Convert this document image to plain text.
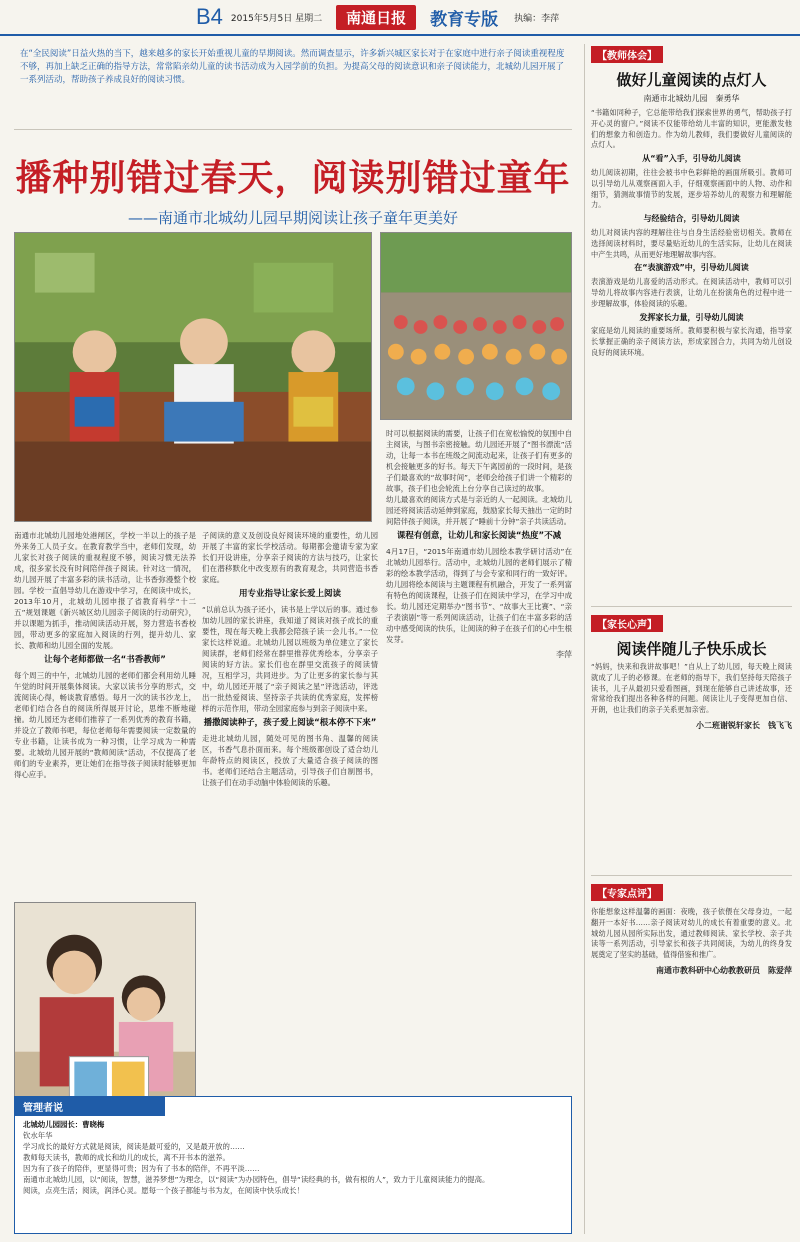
B4 2015年5月5日 星期二	南通日报	教育专版 执编：李萍
在“全民阅读”日益火热的当下，越来越多的家长开始重视儿童的早期阅读。然而调查显示，许多新兴城区家长对于在家庭中进行亲子阅读重视程度不够，再加上缺乏正确的指导方法，常常陷亲幼儿童的读书活动成为入园学前的负担。为提高父母的阅读意识和亲子阅读能力，北城幼儿园开展了一系列活动，帮助孩子养成良好的阅读习惯。
播种别错过春天，阅读别错过童年
——南通市北城幼儿园早期阅读让孩子童年更美好

南通市北城幼儿园地处港闸区，学校一半以上的孩子是外来务工人员子女。在教育教学当中，老师们发现，幼儿家长对孩子阅读的重视程度不够，阅读习惯无法养成，很多家长没有时间陪伴孩子阅读。针对这一情况，幼儿园开展了丰富多彩的读书活动，让书香弥漫整个校园。学校一直倡导幼儿在游戏中学习，在阅读中成长，2013年10月，北城幼儿园申报了省教育科学“十二五”规划课题《新兴城区幼儿园亲子阅读的行动研究》，并以课题为抓手，推动阅读活动开展，努力营造书香校园，带动更多的家庭加入阅读的行列，提升幼儿、家长、教师和幼儿园全面的发展。

让每个老师都做一名“书香教师”

每个周三的中午，北城幼儿园的老师们都会利用幼儿睡午觉的时间开展集体阅读。大家以读书分享的形式，交流阅读心得，畅谈教育感悟。每月一次的读书沙龙上，老师们结合各自的阅读所得展开讨论，思维不断地碰撞。幼儿园还为老师们推荐了一系列优秀的教育书籍，并设立了教师书吧，每位老师每年需要阅读一定数量的专业书籍，让读书成为一种习惯，让学习成为一种需要。北城幼儿园开展的“教师阅读”活动，不仅提高了老师们的专业素养，更让她们在指导孩子阅读时能够更加得心应手。

子阅读的意义及创设良好阅读环境的重要性，幼儿园开展了丰富的家长学校活动。每期都会邀请专家为家长们开设讲座，分享亲子阅读的方法与技巧，让家长们在潜移默化中改变原有的教育观念，共同营造书香家庭。

用专业指导让家长爱上阅读

“以前总认为孩子还小，读书是上学以后的事。通过参加幼儿园的家长讲座，我知道了阅读对孩子成长的重要性，现在每天晚上我都会陪孩子读一会儿书。”一位家长这样说道。北城幼儿园以班级为单位建立了家长阅读群，老师们经常在群里推荐优秀绘本，分享亲子阅读的好方法。家长们也在群里交流孩子的阅读情况，互相学习，共同进步。为了让更多的家长参与其中，幼儿园还开展了“亲子阅读之星”评选活动，评选出一批热爱阅读、坚持亲子共读的优秀家庭，发挥榜样的示范作用，带动全园家庭参与到亲子阅读中来。

播撒阅读种子，孩子爱上阅读“根本停不下来”

走进北城幼儿园，随处可见的图书角、温馨的阅读区，书香气息扑面而来。每个班级都创设了适合幼儿年龄特点的阅读区，投放了大量适合孩子阅读的图书。老师们还结合主题活动，引导孩子们自制图书，让孩子们在动手动脑中体验阅读的乐趣。

时可以根据阅读的需要，让孩子们在宽松愉悦的氛围中自主阅读，与图书亲密接触。幼儿园还开展了“图书漂流”活动，让每一本书在班级之间流动起来，让孩子们有更多的机会接触更多的好书。每天下午离园前的一段时间，是孩子们最喜欢的“故事时间”，老师会给孩子们讲一个精彩的故事，孩子们也会轮流上台分享自己读过的故事。

幼儿最喜欢的阅读方式是与亲近的人一起阅读。北城幼儿园还将阅读活动延伸到家庭，鼓励家长每天抽出一定的时间陪伴孩子阅读，并开展了“睡前十分钟”亲子共读活动。

课程有创意，让幼儿和家长阅读“热度”不减

4月17日，“2015年南通市幼儿园绘本教学研讨活动”在北城幼儿园举行。活动中，北城幼儿园的老师们展示了精彩的绘本教学活动，得到了与会专家和同行的一致好评。幼儿园将绘本阅读与主题课程有机融合，开发了一系列富有特色的阅读课程，让孩子们在阅读中学习，在学习中成长。幼儿园还定期举办“图书节”、“故事大王比赛”、“亲子表演剧”等一系列阅读活动，让孩子们在丰富多彩的活动中感受阅读的快乐，让阅读的种子在孩子们的心中生根发芽。

李萍

管理者说

北城幼儿园园长：曹晓梅

钦水年华

学习成长的最好方式就是阅读，阅读是最可爱的，又是最开放的……

教师每天读书，教师的成长和幼儿的成长，离不开书本的滋养。

因为有了孩子的陪伴，更显得可贵；因为有了书本的陪伴，不再平淡……

南通市北城幼儿园，以“阅读，智慧，滋养梦想”为理念，以“阅读”为办园特色，倡导“读经典的书，做有根的人”，致力于儿童阅读能力的提高。

阅读，点亮生活；阅读，润泽心灵。愿每一个孩子都能与书为友，在阅读中快乐成长！

【教师体会】
做好儿童阅读的点灯人
南通市北城幼儿园　秦勇华

“书籍如同种子，它总能带给我们探索世界的勇气，帮助孩子打开心灵的窗户。”阅读不仅能带给幼儿丰富的知识，更能激发他们的想象力和创造力。作为幼儿教师，我们要做好儿童阅读的点灯人。

从“看”入手，引导幼儿阅读

幼儿阅读初期，往往会被书中色彩鲜艳的画面所吸引。教师可以引导幼儿从观察画面入手，仔细观察画面中的人物、动作和细节，猜测故事情节的发展，逐步培养幼儿的观察力和理解能力。

与经验结合，引导幼儿阅读

幼儿对阅读内容的理解往往与自身生活经验密切相关。教师在选择阅读材料时，要尽量贴近幼儿的生活实际，让幼儿在阅读中产生共鸣，从而更好地理解故事内容。

在“表演游戏”中，引导幼儿阅读

表演游戏是幼儿喜爱的活动形式。在阅读活动中，教师可以引导幼儿将故事内容进行表演，让幼儿在扮演角色的过程中进一步理解故事，体验阅读的乐趣。

发挥家长力量，引导幼儿阅读

家庭是幼儿阅读的重要场所。教师要积极与家长沟通，指导家长掌握正确的亲子阅读方法，形成家园合力，共同为幼儿创设良好的阅读环境。

【家长心声】
阅读伴随儿子快乐成长
“妈妈，快来和我讲故事吧！”自从上了幼儿园，每天晚上阅读就成了儿子的必修课。在老师的指导下，我们坚持每天陪孩子读书，儿子从最初只爱看图画，到现在能够自己讲述故事，还常常给我们提出各种各样的问题。阅读让儿子变得更加自信、开朗，也让我们的亲子关系更加亲密。
小二班谢锐轩家长　钱飞飞
【专家点评】
你能想象这样温馨的画面：夜晚，孩子依偎在父母身边，一起翻开一本好书……亲子阅读对幼儿的成长有着重要的意义。北城幼儿园从园所实际出发，通过教师阅读、家长学校、亲子共读等一系列活动，引导家长和孩子共同阅读，为幼儿的终身发展奠定了坚实的基础，值得借鉴和推广。
南通市教科研中心幼教教研员　陈爱萍
